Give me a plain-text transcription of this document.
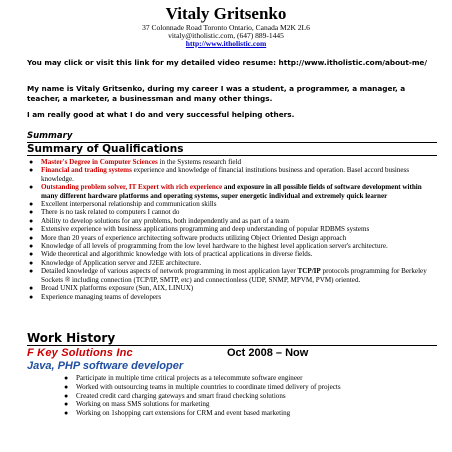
Vitaly Gritsenko
37 Colonnade Road Toronto Ontario, Canada M2K 2L6
vitaly@itholistic.com, (647) 889-1445
http://www.itholistic.com
You may click or visit this link for my detailed video resume: http://www.itholistic.com/about-me/
My name is Vitaly Gritsenko, during my career I was a student, a programmer, a manager, a teacher, a marketer, a businessman and many other things.
I am really good at what I do and very successful helping others.
Summary
Summary of Qualifications
● Master's Degree in Computer Sciences in the Systems research field
● Financial and trading systems experience and knowledge of financial institutions business and operation. Basel accord business knowledge.
● Outstanding problem solver, IT Expert with rich experience and exposure in all possible fields of software development within many different hardware platforms and operating systems, super energetic individual and extremely quick learner
● Excellent interpersonal relationship and communication skills
● There is no task related to computers I cannot do
● Ability to develop solutions for any problems, both independently and as part of a team
● Extensive experience with business applications programming and deep understanding of popular RDBMS systems
● More than 20 years of experience architecting software products utilizing Object Oriented Design approach
● Knowledge of all levels of programming from the low level hardware to the highest level application server's architecture.
● Wide theoretical and algorithmic knowledge with lots of practical applications in diverse fields.
● Knowledge of Application server and J2EE architecture.
● Detailed knowledge of various aspects of network programming in most application layer TCP/IP protocols programming for Berkeley Sockets ® including connection (TCP/IP, SMTP, etc) and connectionless (UDP, SNMP, MPVM, PVM) oriented.
● Broad UNIX platforms exposure (Sun, AIX, LINUX)
● Experience managing teams of developers
Work History
F Key Solutions Inc	Oct 2008 – Now
Java, PHP software developer
● Participate in multiple time critical projects as a telecommute software engineer
● Worked with outsourcing teams in multiple countries to coordinate timed delivery of projects
● Created credit card charging gateways and smart fraud checking solutions
● Working on mass SMS solutions for marketing
● Working on 1shopping cart extensions for CRM and event based marketing
